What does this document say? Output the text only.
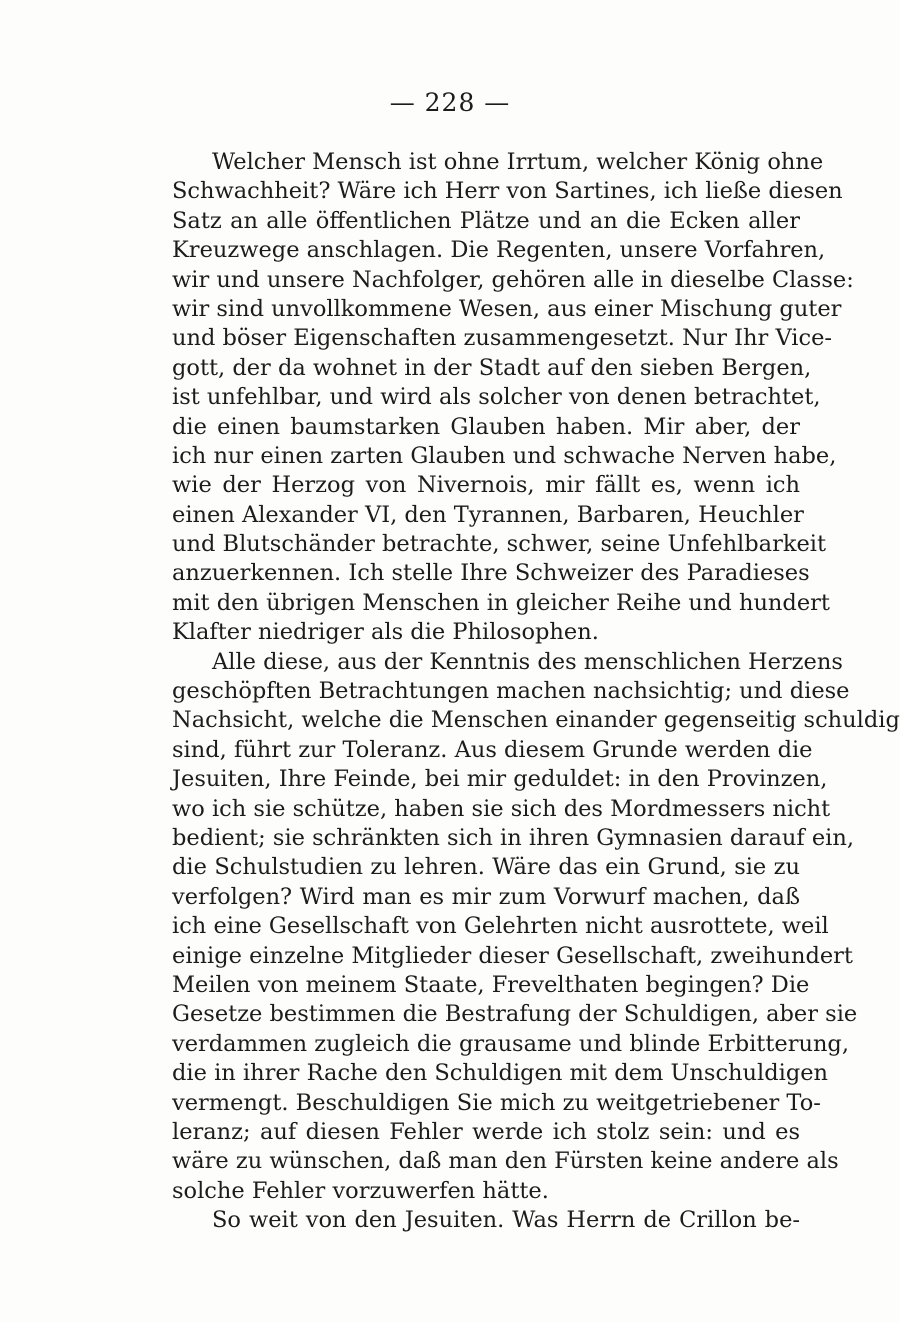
— 228 —
Welcher Mensch ist ohne Irrtum, welcher König ohne
Schwachheit? Wäre ich Herr von Sartines, ich ließe diesen
Satz an alle öffentlichen Plätze und an die Ecken aller
Kreuzwege anschlagen. Die Regenten, unsere Vorfahren,
wir und unsere Nachfolger, gehören alle in dieselbe Classe:
wir sind unvollkommene Wesen, aus einer Mischung guter
und böser Eigenschaften zusammengesetzt. Nur Ihr Vice-
gott, der da wohnet in der Stadt auf den sieben Bergen,
ist unfehlbar, und wird als solcher von denen betrachtet,
die einen baumstarken Glauben haben. Mir aber, der
ich nur einen zarten Glauben und schwache Nerven habe,
wie der Herzog von Nivernois, mir fällt es, wenn ich
einen Alexander VI, den Tyrannen, Barbaren, Heuchler
und Blutschänder betrachte, schwer, seine Unfehlbarkeit
anzuerkennen. Ich stelle Ihre Schweizer des Paradieses
mit den übrigen Menschen in gleicher Reihe und hundert
Klafter niedriger als die Philosophen.
Alle diese, aus der Kenntnis des menschlichen Herzens
geschöpften Betrachtungen machen nachsichtig; und diese
Nachsicht, welche die Menschen einander gegenseitig schuldig
sind, führt zur Toleranz. Aus diesem Grunde werden die
Jesuiten, Ihre Feinde, bei mir geduldet: in den Provinzen,
wo ich sie schütze, haben sie sich des Mordmessers nicht
bedient; sie schränkten sich in ihren Gymnasien darauf ein,
die Schulstudien zu lehren. Wäre das ein Grund, sie zu
verfolgen? Wird man es mir zum Vorwurf machen, daß
ich eine Gesellschaft von Gelehrten nicht ausrottete, weil
einige einzelne Mitglieder dieser Gesellschaft, zweihundert
Meilen von meinem Staate, Frevelthaten begingen? Die
Gesetze bestimmen die Bestrafung der Schuldigen, aber sie
verdammen zugleich die grausame und blinde Erbitterung,
die in ihrer Rache den Schuldigen mit dem Unschuldigen
vermengt. Beschuldigen Sie mich zu weitgetriebener To-
leranz; auf diesen Fehler werde ich stolz sein: und es
wäre zu wünschen, daß man den Fürsten keine andere als
solche Fehler vorzuwerfen hätte.
So weit von den Jesuiten. Was Herrn de Crillon be-
